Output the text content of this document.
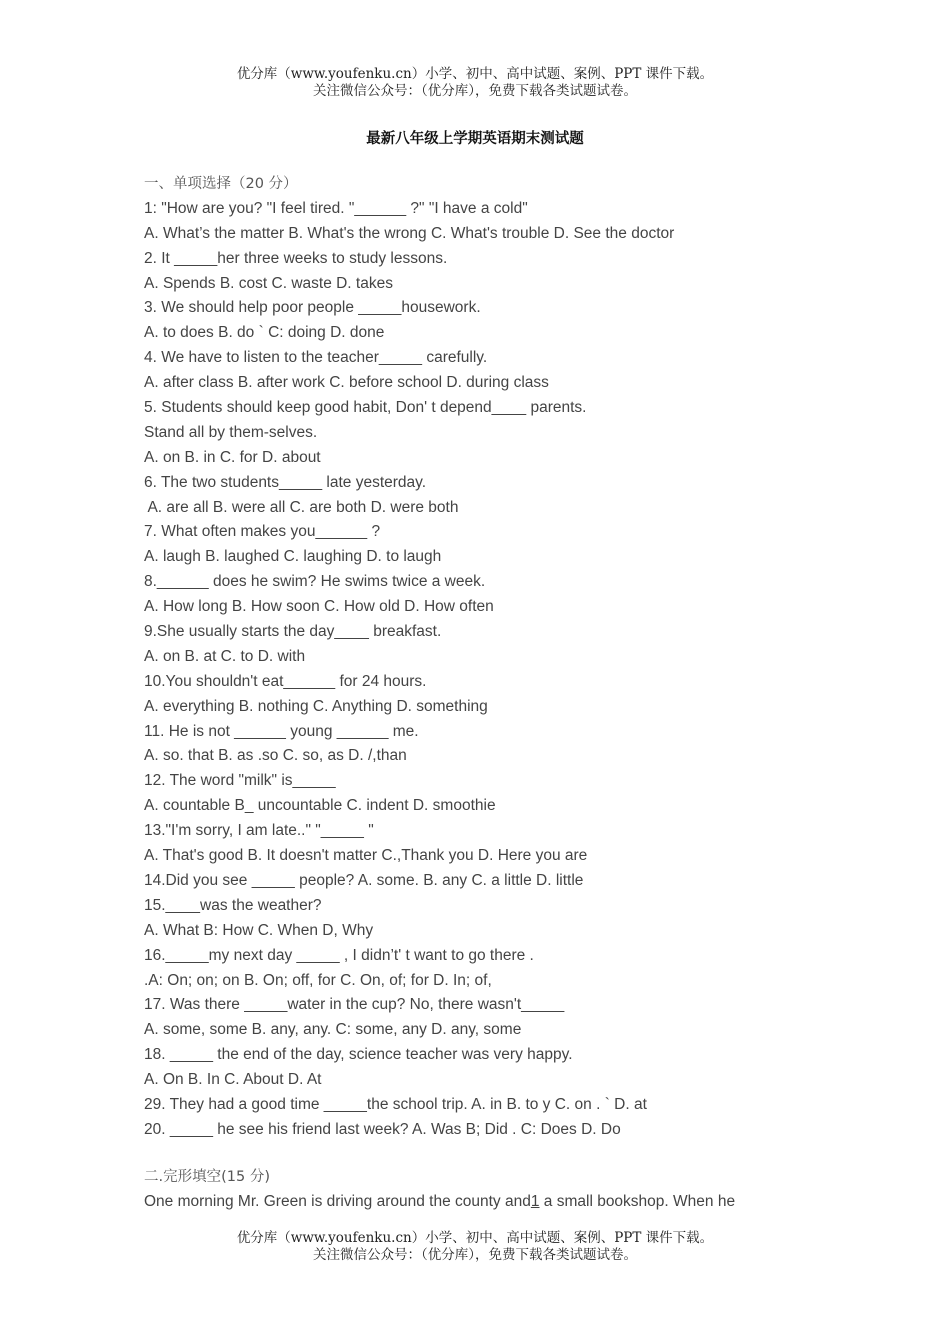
优分库（www.youfenku.cn）小学、初中、高中试题、案例、PPT 课件下载。
关注微信公众号：（优分库），免费下载各类试题试卷。
最新八年级上学期英语期末测试题
一、单项选择（20 分）
1: "How are you? "I feel tired. "______ ?" "I have a cold"
A. What’s the matter B. What's the wrong C. What's trouble D. See the doctor
2. It _____her three weeks to study lessons.
A. Spends B. cost C. waste D. takes
3. We should help poor people _____housework.
A. to does B. do ` C: doing D. done
4. We have to listen to the teacher_____ carefully.
A. after class B. after work C. before school D. during class
5. Students should keep good habit, Don' t depend____ parents.
Stand all by them-selves.
A. on B. in C. for D. about
6. The two students_____ late yesterday.
A. are all B. were all C. are both D. were both
7. What often makes you______ ?
A. laugh B. laughed C. laughing D. to laugh
8.______ does he swim? He swims twice a week.
A. How long B. How soon C. How old D. How often
9.She usually starts the day____ breakfast.
A. on B. at C. to D. with
10.You shouldn't eat______ for 24 hours.
A. everything B. nothing C. Anything D. something
11. He is not ______ young ______ me.
A. so. that B. as .so C. so, as D. /,than
12. The word "milk" is_____
A. countable B_ uncountable C. indent D. smoothie
13."I'm sorry, I am late.." "_____ "
A. That's good B. It doesn't matter C.,Thank you D. Here you are
14.Did you see _____ people? A. some. B. any C. a little D. little
15.____was the weather?
A. What B: How C. When D, Why
16._____my next day _____ , I didn’t' t want to go there .
.A: On; on; on B. On; off, for C. On, of; for D. In; of,
17. Was there _____water in the cup? No, there wasn't_____
A. some, some B. any, any. C: some, any D. any, some
18. _____ the end of the day, science teacher was very happy.
A. On B. In C. About D. At
29. They had a good time _____the school trip. A. in B. to y C. on . ` D. at
20. _____ he see his friend last week? A. Was B; Did . C: Does D. Do
二.完形填空(15 分)
One morning Mr. Green is driving around the county and1 a small bookshop. When he
优分库（www.youfenku.cn）小学、初中、高中试题、案例、PPT 课件下载。
关注微信公众号：（优分库），免费下载各类试题试卷。
